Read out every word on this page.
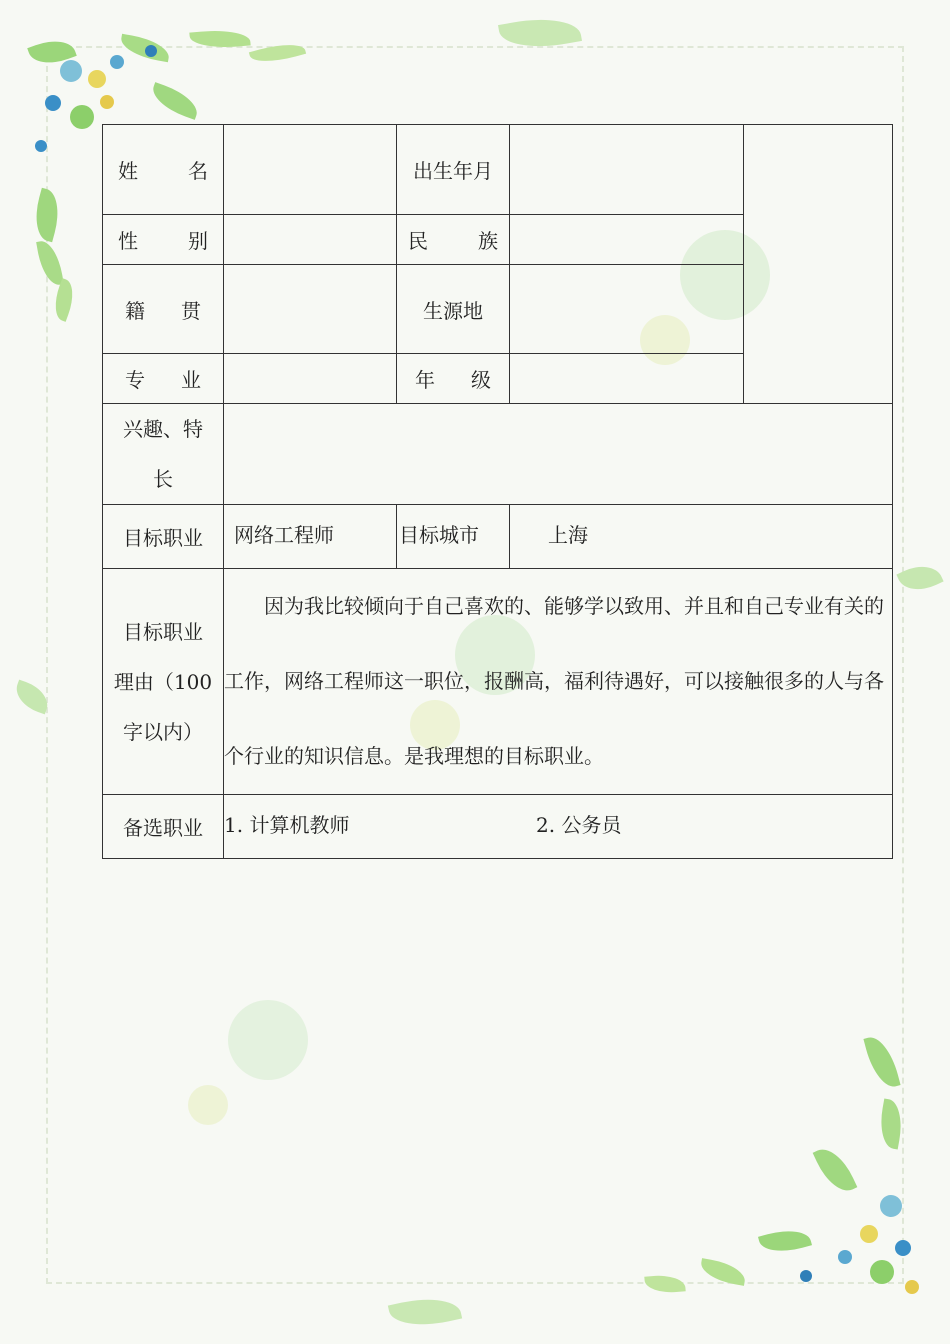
姓 名		出生年月		
性 别		民 族		
籍 贯		生源地		
专 业		年 级		

兴趣、特
长				

目标职业	网络工程师	目标城市	上海	

目标职业
理由（100
字以内）	因为我比较倾向于自己喜欢的、能够学以致用、并且和自己专业有关的工作，网络工程师这一职位，报酬高，福利待遇好，可以接触很多的人与各个行业的知识信息。是我理想的目标职业。			
备选职业	1. 计算机教师 2. 公务员			
